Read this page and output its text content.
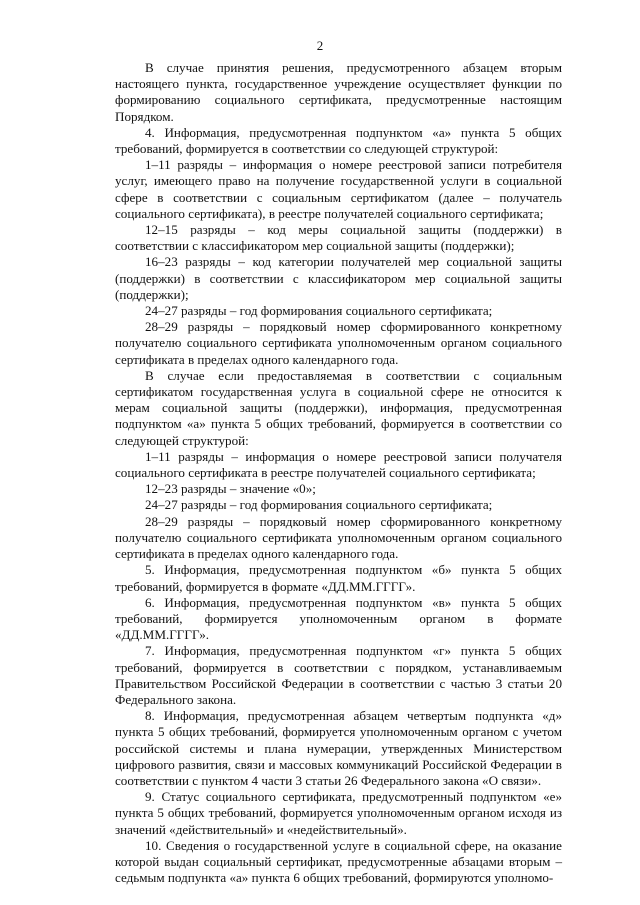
2

В случае принятия решения, предусмотренного абзацем вторым настоящего пункта, государственное учреждение осуществляет функции по формированию социального сертификата, предусмотренные настоящим Порядком.

4. Информация, предусмотренная подпунктом «а» пункта 5 общих требований, формируется в соответствии со следующей структурой:

1–11 разряды – информация о номере реестровой записи потребителя услуг, имеющего право на получение государственной услуги в социальной сфере в соответствии с социальным сертификатом (далее – получатель социального сертификата), в реестре получателей социального сертификата;

12–15 разряды – код меры социальной защиты (поддержки) в соответствии с классификатором мер социальной защиты (поддержки);

16–23 разряды – код категории получателей мер социальной защиты (поддержки) в соответствии с классификатором мер социальной защиты (поддержки);

24–27 разряды – год формирования социального сертификата;

28–29 разряды – порядковый номер сформированного конкретному получателю социального сертификата уполномоченным органом социального сертификата в пределах одного календарного года.

В случае если предоставляемая в соответствии с социальным сертификатом государственная услуга в социальной сфере не относится к мерам социальной защиты (поддержки), информация, предусмотренная подпунктом «а» пункта 5 общих требований, формируется в соответствии со следующей структурой:

1–11 разряды – информация о номере реестровой записи получателя социального сертификата в реестре получателей социального сертификата;

12–23 разряды – значение «0»;

24–27 разряды – год формирования социального сертификата;

28–29 разряды – порядковый номер сформированного конкретному получателю социального сертификата уполномоченным органом социального сертификата в пределах одного календарного года.

5. Информация, предусмотренная подпунктом «б» пункта 5 общих требований, формируется в формате «ДД.ММ.ГГГГ».

6. Информация, предусмотренная подпунктом «в» пункта 5 общих требований, формируется уполномоченным органом в формате «ДД.ММ.ГГГГ».

7. Информация, предусмотренная подпунктом «г» пункта 5 общих требований, формируется в соответствии с порядком, устанавливаемым Правительством Российской Федерации в соответствии с частью 3 статьи 20 Федерального закона.

8. Информация, предусмотренная абзацем четвертым подпункта «д» пункта 5 общих требований, формируется уполномоченным органом с учетом российской системы и плана нумерации, утвержденных Министерством цифрового развития, связи и массовых коммуникаций Российской Федерации в соответствии с пунктом 4 части 3 статьи 26 Федерального закона «О связи».

9. Статус социального сертификата, предусмотренный подпунктом «е» пункта 5 общих требований, формируется уполномоченным органом исходя из значений «действительный» и «недействительный».

10. Сведения о государственной услуге в социальной сфере, на оказание которой выдан социальный сертификат, предусмотренные абзацами вторым – седьмым подпункта «а» пункта 6 общих требований, формируются уполномо-
